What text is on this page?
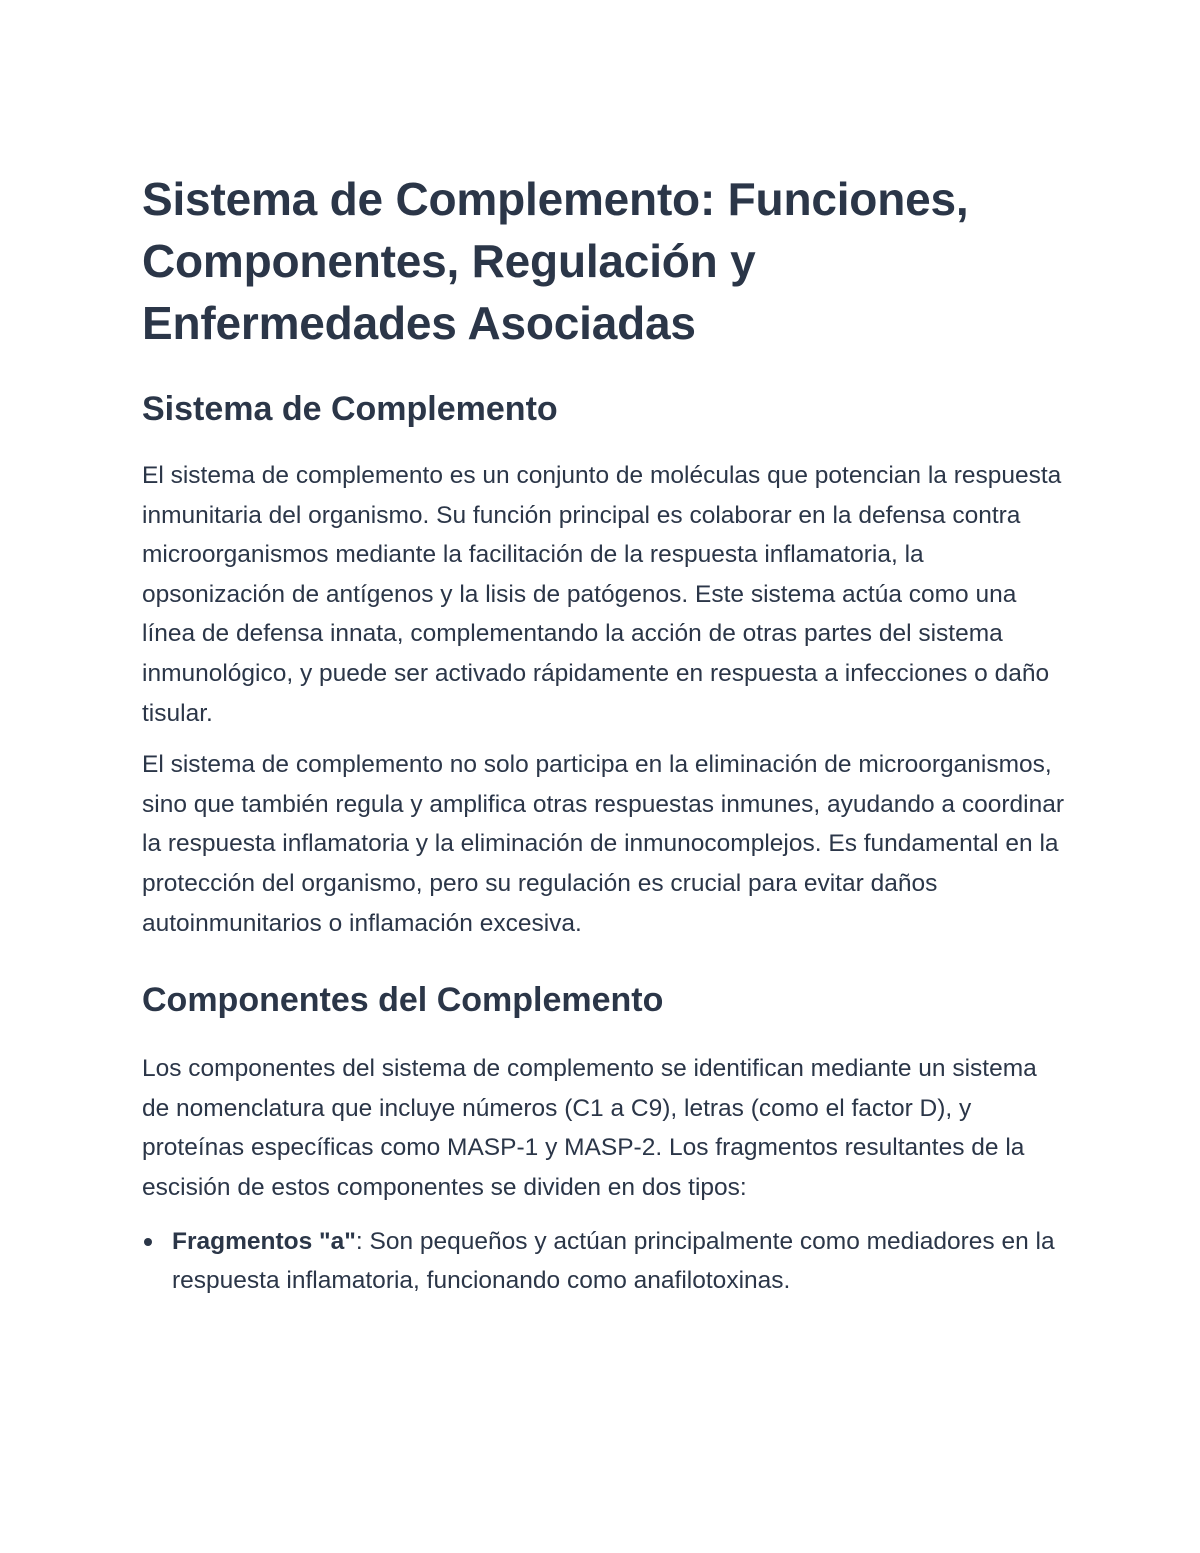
Sistema de Complemento: Funciones, Componentes, Regulación y Enfermedades Asociadas
Sistema de Complemento

El sistema de complemento es un conjunto de moléculas que potencian la respuesta inmunitaria del organismo. Su función principal es colaborar en la defensa contra microorganismos mediante la facilitación de la respuesta inflamatoria, la opsonización de antígenos y la lisis de patógenos. Este sistema actúa como una línea de defensa innata, complementando la acción de otras partes del sistema inmunológico, y puede ser activado rápidamente en respuesta a infecciones o daño tisular.

El sistema de complemento no solo participa en la eliminación de microorganismos, sino que también regula y amplifica otras respuestas inmunes, ayudando a coordinar la respuesta inflamatoria y la eliminación de inmunocomplejos. Es fundamental en la protección del organismo, pero su regulación es crucial para evitar daños autoinmunitarios o inflamación excesiva.

Componentes del Complemento

Los componentes del sistema de complemento se identifican mediante un sistema de nomenclatura que incluye números (C1 a C9), letras (como el factor D), y proteínas específicas como MASP-1 y MASP-2. Los fragmentos resultantes de la escisión de estos componentes se dividen en dos tipos:

Fragmentos "a": Son pequeños y actúan principalmente como mediadores en la respuesta inflamatoria, funcionando como anafilotoxinas.
